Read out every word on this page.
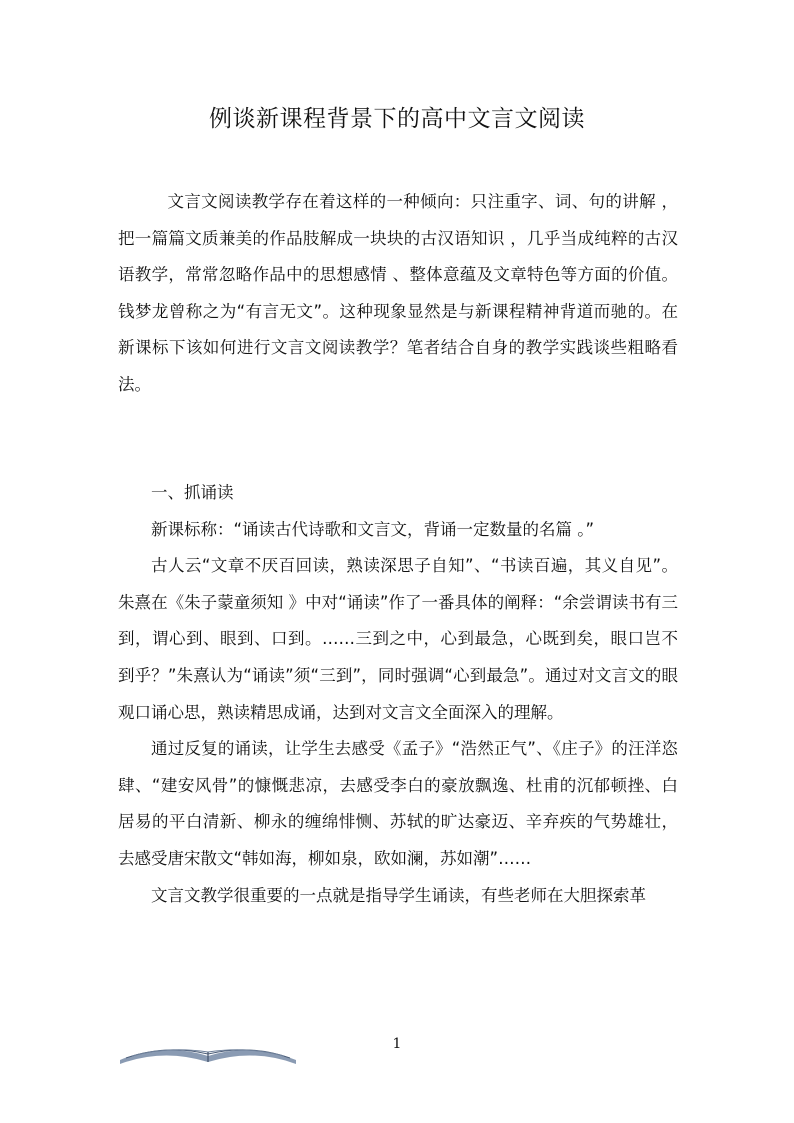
例谈新课程背景下的高中文言文阅读

文言文阅读教学存在着这样的一种倾向：只注重字、词、句的讲解 ，把一篇篇文质兼美的作品肢解成一块块的古汉语知识 ，几乎当成纯粹的古汉语教学，常常忽略作品中的思想感情 、整体意蕴及文章特色等方面的价值。钱梦龙曾称之为“有言无文”。这种现象显然是与新课程精神背道而驰的。在新课标下该如何进行文言文阅读教学？笔者结合自身的教学实践谈些粗略看法。

一、抓诵读

新课标称：“诵读古代诗歌和文言文，背诵一定数量的名篇 。”

古人云“文章不厌百回读，熟读深思子自知”、“书读百遍，其义自见”。朱熹在《朱子蒙童须知 》中对“诵读”作了一番具体的阐释：“余尝谓读书有三到，谓心到、眼到、口到。……三到之中，心到最急，心既到矣，眼口岂不到乎？”朱熹认为“诵读”须“三到”，同时强调“心到最急”。通过对文言文的眼观口诵心思，熟读精思成诵，达到对文言文全面深入的理解。

通过反复的诵读，让学生去感受《孟子》“浩然正气”、《庄子》的汪洋恣肆、“建安风骨”的慷慨悲凉，去感受李白的豪放飘逸、杜甫的沉郁顿挫、白居易的平白清新、柳永的缠绵悱恻、苏轼的旷达豪迈、辛弃疾的气势雄壮，去感受唐宋散文“韩如海，柳如泉，欧如澜，苏如潮”……

文言文教学很重要的一点就是指导学生诵读，有些老师在大胆探索革

1
